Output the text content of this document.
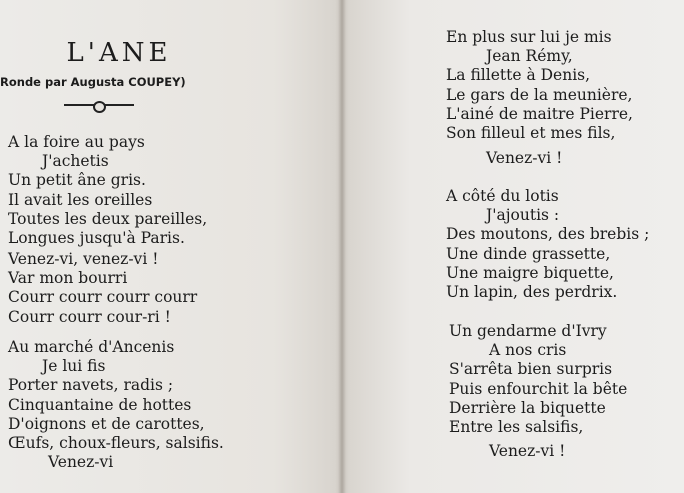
L'ANE
Ronde par Augusta COUPEY)
A la foire au pays
J'achetis
Un petit âne gris.
Il avait les oreilles
Toutes les deux pareilles,
Longues jusqu'à Paris.
Venez-vi, venez-vi !
Var mon bourri
Courr courr courr courr
Courr courr cour-ri !
Au marché d'Ancenis
Je lui fis
Porter navets, radis ;
Cinquantaine de hottes
D'oignons et de carottes,
Œufs, choux-fleurs, salsifis.
Venez-vi
En plus sur lui je mis
Jean Rémy,
La fillette à Denis,
Le gars de la meunière,
L'ainé de maitre Pierre,
Son filleul et mes fils,
Venez-vi !
A côté du lotis
J'ajoutis :
Des moutons, des brebis ;
Une dinde grassette,
Une maigre biquette,
Un lapin, des perdrix.
Un gendarme d'Ivry
A nos cris
S'arrêta bien surpris
Puis enfourchit la bête
Derrière la biquette
Entre les salsifis,
Venez-vi !
